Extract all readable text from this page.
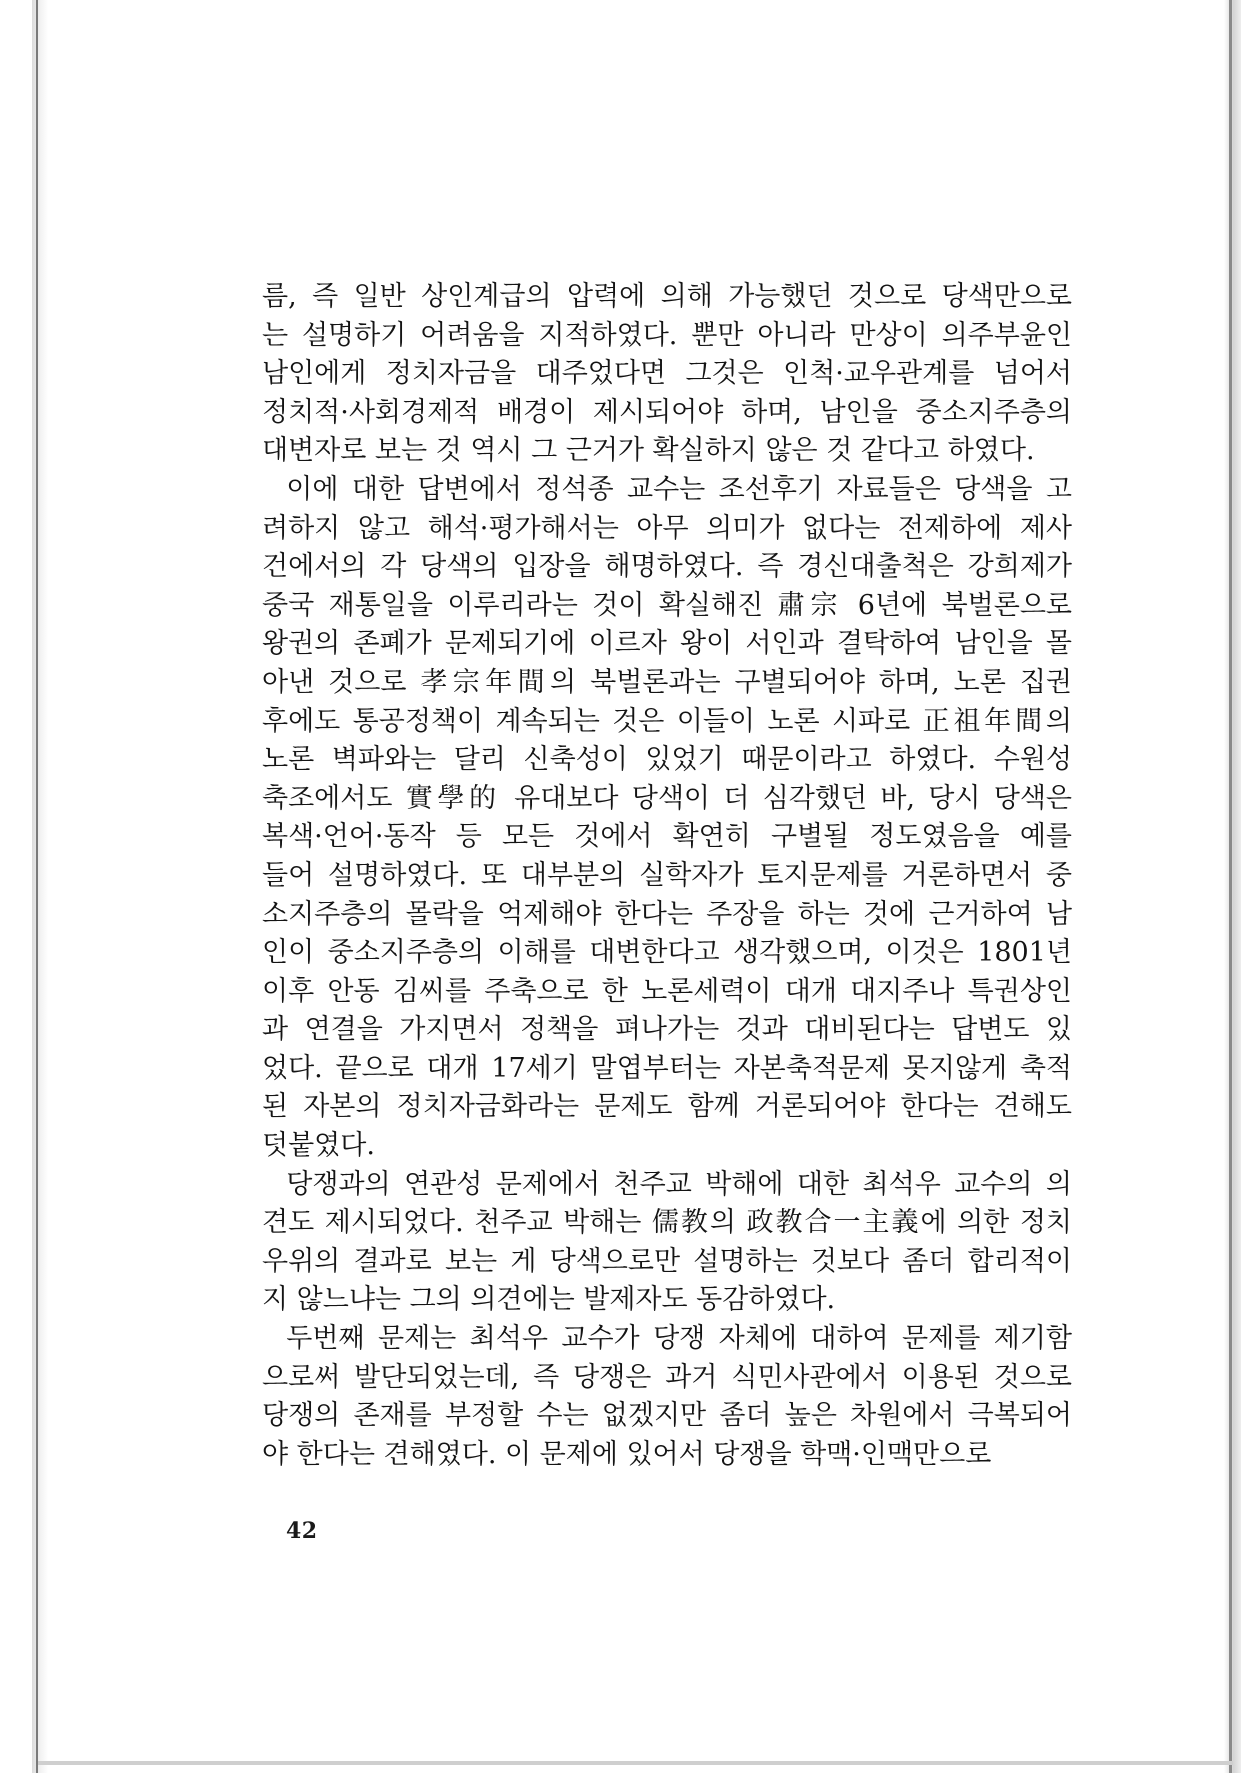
름, 즉 일반 상인계급의 압력에 의해 가능했던 것으로 당색만으로
는 설명하기 어려움을 지적하였다. 뿐만 아니라 만상이 의주부윤인
남인에게 정치자금을 대주었다면 그것은 인척·교우관계를 넘어서
정치적·사회경제적 배경이 제시되어야 하며, 남인을 중소지주층의
대변자로 보는 것 역시 그 근거가 확실하지 않은 것 같다고 하였다.
이에 대한 답변에서 정석종 교수는 조선후기 자료들은 당색을 고
려하지 않고 해석·평가해서는 아무 의미가 없다는 전제하에 제사
건에서의 각 당색의 입장을 해명하였다. 즉 경신대출척은 강희제가
중국 재통일을 이루리라는 것이 확실해진 肅宗 6년에 북벌론으로
왕권의 존폐가 문제되기에 이르자 왕이 서인과 결탁하여 남인을 몰
아낸 것으로 孝宗年間의 북벌론과는 구별되어야 하며, 노론 집권
후에도 통공정책이 계속되는 것은 이들이 노론 시파로 正祖年間의
노론 벽파와는 달리 신축성이 있었기 때문이라고 하였다. 수원성
축조에서도 實學的 유대보다 당색이 더 심각했던 바, 당시 당색은
복색·언어·동작 등 모든 것에서 확연히 구별될 정도였음을 예를
들어 설명하였다. 또 대부분의 실학자가 토지문제를 거론하면서 중
소지주층의 몰락을 억제해야 한다는 주장을 하는 것에 근거하여 남
인이 중소지주층의 이해를 대변한다고 생각했으며, 이것은 1801년
이후 안동 김씨를 주축으로 한 노론세력이 대개 대지주나 특권상인
과 연결을 가지면서 정책을 펴나가는 것과 대비된다는 답변도 있
었다. 끝으로 대개 17세기 말엽부터는 자본축적문제 못지않게 축적
된 자본의 정치자금화라는 문제도 함께 거론되어야 한다는 견해도
덧붙였다.
당쟁과의 연관성 문제에서 천주교 박해에 대한 최석우 교수의 의
견도 제시되었다. 천주교 박해는 儒教의 政教合一主義에 의한 정치
우위의 결과로 보는 게 당색으로만 설명하는 것보다 좀더 합리적이
지 않느냐는 그의 의견에는 발제자도 동감하였다.
두번째 문제는 최석우 교수가 당쟁 자체에 대하여 문제를 제기함
으로써 발단되었는데, 즉 당쟁은 과거 식민사관에서 이용된 것으로
당쟁의 존재를 부정할 수는 없겠지만 좀더 높은 차원에서 극복되어
야 한다는 견해였다. 이 문제에 있어서 당쟁을 학맥·인맥만으로
42
